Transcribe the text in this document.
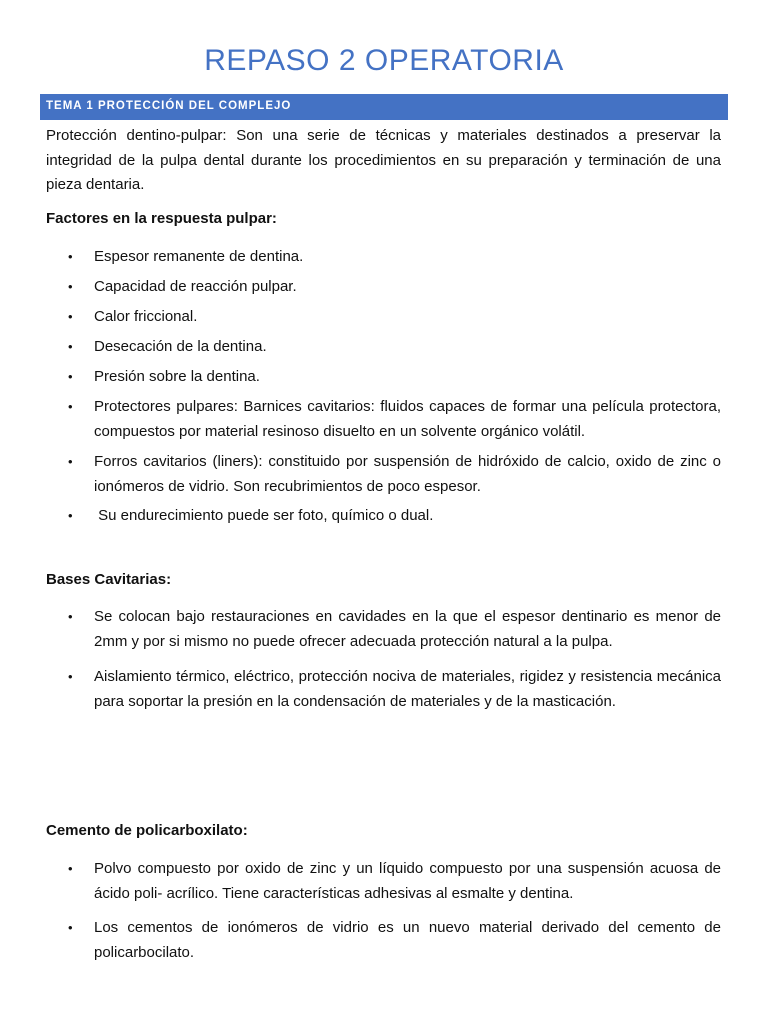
REPASO 2 OPERATORIA
TEMA 1 PROTECCIÓN DEL COMPLEJO

Protección dentino-pulpar: Son una serie de técnicas y materiales destinados a preservar la integridad de la pulpa dental durante los procedimientos en su preparación y terminación de una pieza dentaria.

Factores en la respuesta pulpar:

•	Espesor remanente de dentina.
•	Capacidad de reacción pulpar.
•	Calor friccional.
•	Desecación de la dentina.
•	Presión sobre la dentina.
•	Protectores pulpares: Barnices cavitarios: fluidos capaces de formar una película protectora, compuestos por material resinoso disuelto en un solvente orgánico volátil.
•	Forros cavitarios (liners): constituido por suspensión de hidróxido de calcio, oxido de zinc o ionómeros de vidrio. Son recubrimientos de poco espesor.
•	Su endurecimiento puede ser foto, químico o dual.

Bases Cavitarias:

•	Se colocan bajo restauraciones en cavidades en la que el espesor dentinario es menor de 2mm y por si mismo no puede ofrecer adecuada protección natural a la pulpa.
•	Aislamiento térmico, eléctrico, protección nociva de materiales, rigidez y resistencia mecánica para soportar la presión en la condensación de materiales y de la masticación.

Cemento de policarboxilato:

•	Polvo compuesto por oxido de zinc y un líquido compuesto por una suspensión acuosa de ácido poli- acrílico. Tiene características adhesivas al esmalte y dentina.
•	Los cementos de ionómeros de vidrio es un nuevo material derivado del cemento de policarbocilato.
